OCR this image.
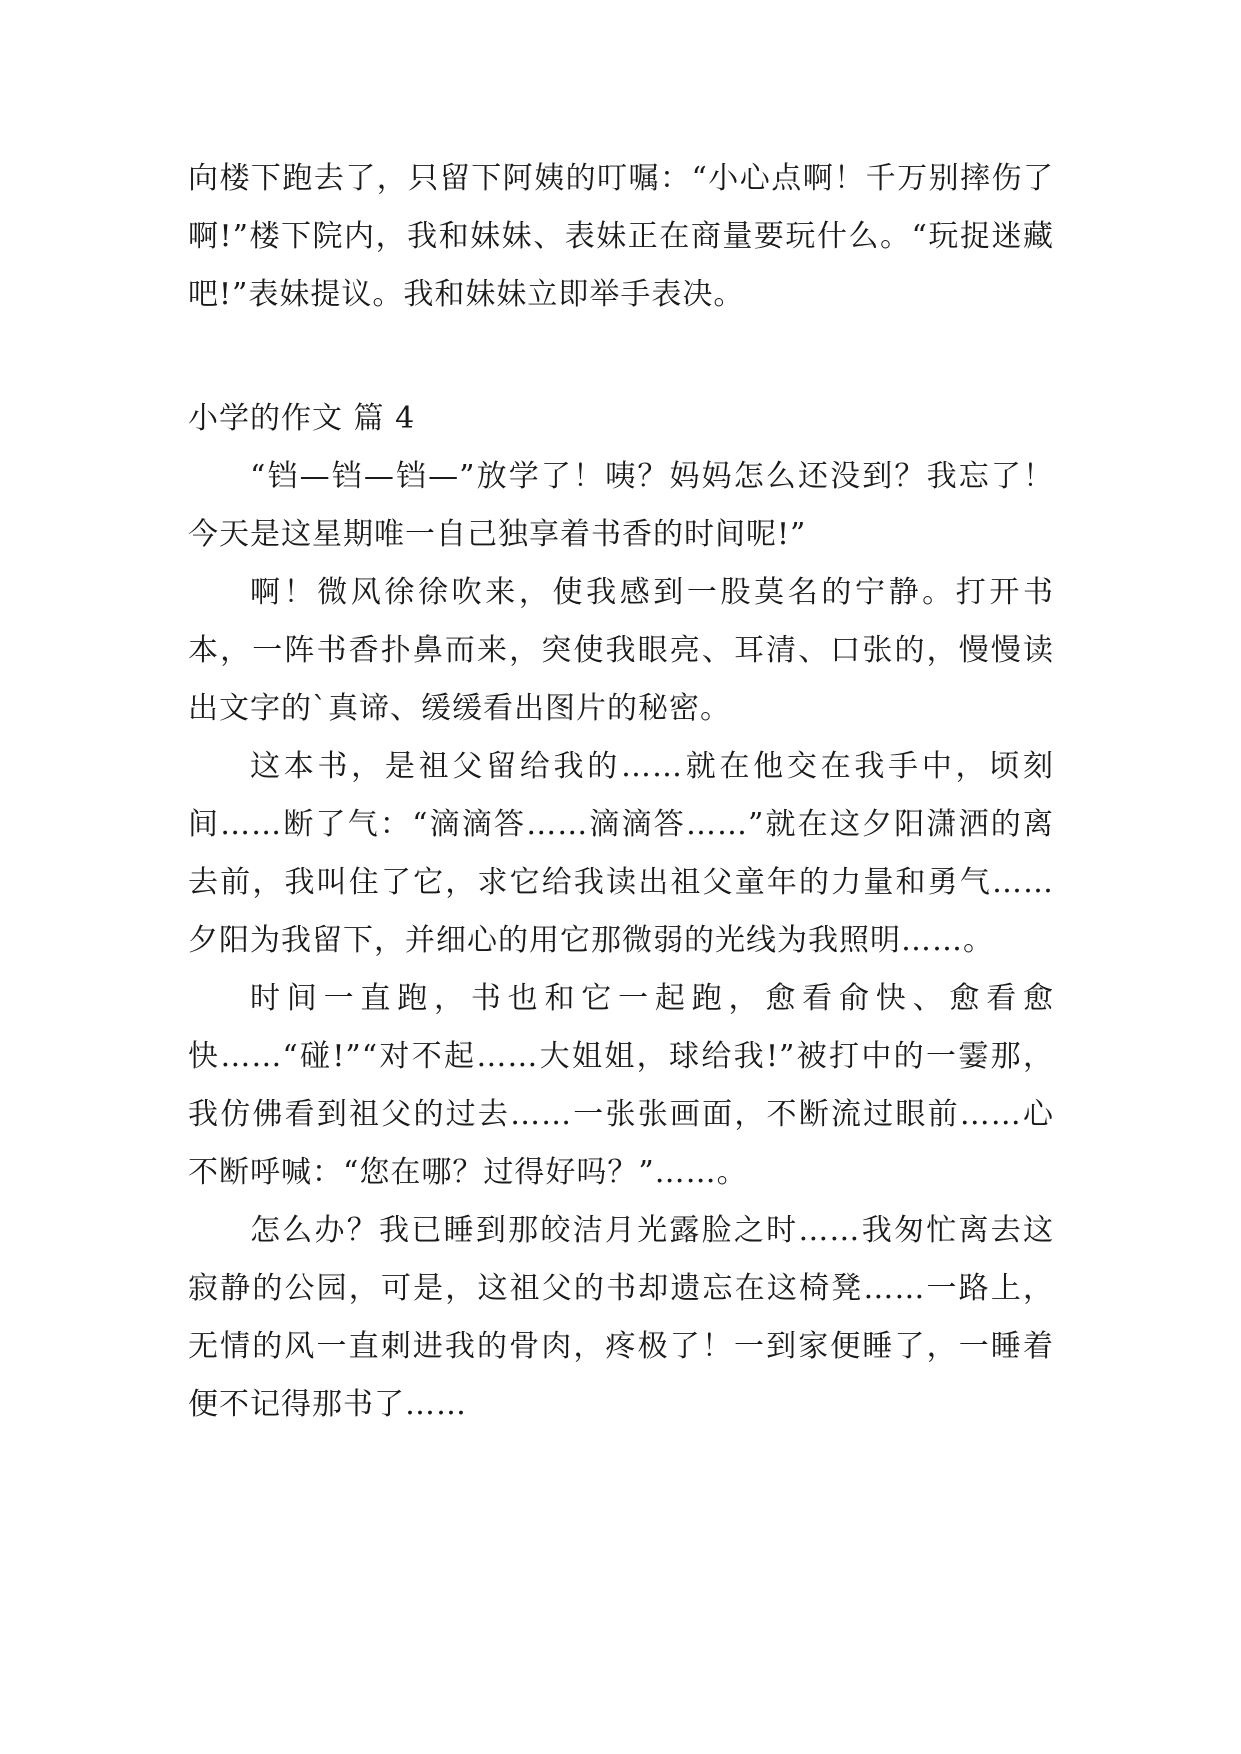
向楼下跑去了，只留下阿姨的叮嘱：“小心点啊！千万别摔伤了啊!”楼下院内，我和妹妹、表妹正在商量要玩什么。“玩捉迷藏吧!”表妹提议。我和妹妹立即举手表决。

小学的作文 篇 4

“铛—铛—铛—”放学了！咦？妈妈怎么还没到？我忘了！今天是这星期唯一自己独享着书香的时间呢!”

啊！微风徐徐吹来，使我感到一股莫名的宁静。打开书本，一阵书香扑鼻而来，突使我眼亮、耳清、口张的，慢慢读出文字的`真谛、缓缓看出图片的秘密。

这本书，是祖父留给我的……就在他交在我手中，顷刻间……断了气：“滴滴答……滴滴答……”就在这夕阳潇洒的离去前，我叫住了它，求它给我读出祖父童年的力量和勇气……夕阳为我留下，并细心的用它那微弱的光线为我照明……。

时间一直跑，书也和它一起跑，愈看俞快、愈看愈快……“碰!”“对不起……大姐姐，球给我!”被打中的一霎那，我仿佛看到祖父的过去……一张张画面，不断流过眼前……心不断呼喊：“您在哪？过得好吗？”……。

怎么办？我已睡到那皎洁月光露脸之时……我匆忙离去这寂静的公园，可是，这祖父的书却遗忘在这椅凳……一路上，无情的风一直刺进我的骨肉，疼极了！一到家便睡了，一睡着便不记得那书了……
